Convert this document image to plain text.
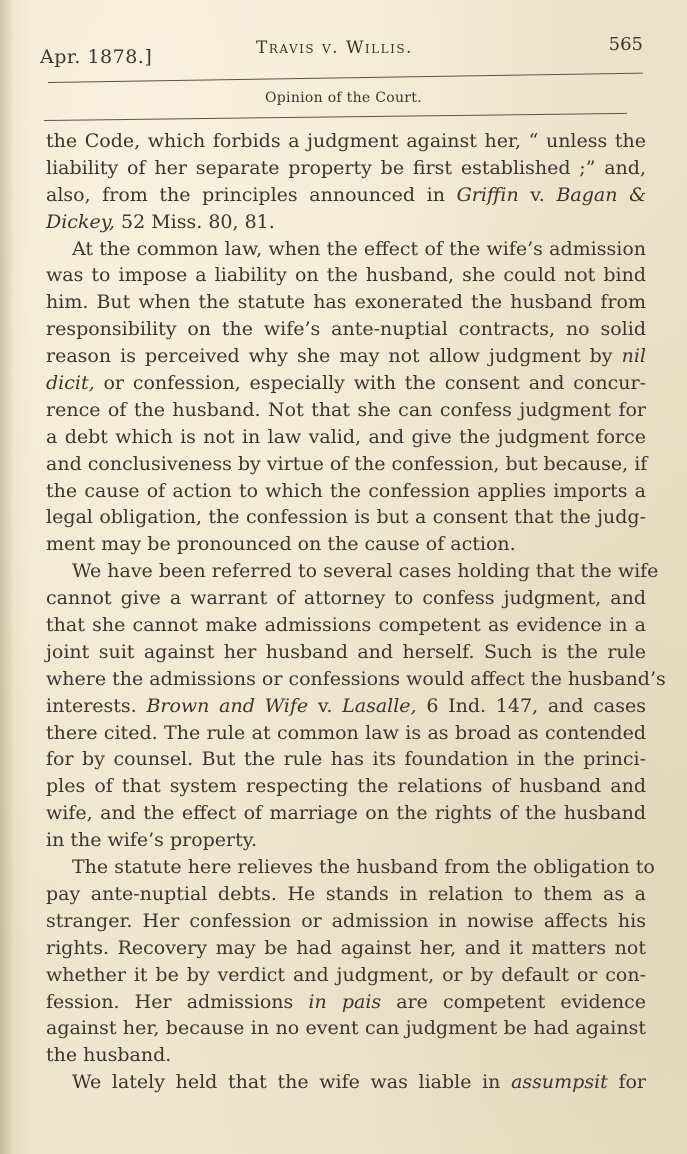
Apr. 1878.]	Travis v. Willis.	565
Opinion of the Court.
the Code, which forbids a judgment against her, “ unless the
liability of her separate property be first established ;” and,
also, from the principles announced in Griffin v. Bagan &
Dickey, 52 Miss. 80, 81.
At the common law, when the effect of the wife’s admission
was to impose a liability on the husband, she could not bind
him. But when the statute has exonerated the husband from
responsibility on the wife’s ante-nuptial contracts, no solid
reason is perceived why she may not allow judgment by nil
dicit, or confession, especially with the consent and concur-
rence of the husband. Not that she can confess judgment for
a debt which is not in law valid, and give the judgment force
and conclusiveness by virtue of the confession, but because, if
the cause of action to which the confession applies imports a
legal obligation, the confession is but a consent that the judg-
ment may be pronounced on the cause of action.
We have been referred to several cases holding that the wife
cannot give a warrant of attorney to confess judgment, and
that she cannot make admissions competent as evidence in a
joint suit against her husband and herself. Such is the rule
where the admissions or confessions would affect the husband’s
interests. Brown and Wife v. Lasalle, 6 Ind. 147, and cases
there cited. The rule at common law is as broad as contended
for by counsel. But the rule has its foundation in the princi-
ples of that system respecting the relations of husband and
wife, and the effect of marriage on the rights of the husband
in the wife’s property.
The statute here relieves the husband from the obligation to
pay ante-nuptial debts. He stands in relation to them as a
stranger. Her confession or admission in nowise affects his
rights. Recovery may be had against her, and it matters not
whether it be by verdict and judgment, or by default or con-
fession. Her admissions in pais are competent evidence
against her, because in no event can judgment be had against
the husband.
We lately held that the wife was liable in assumpsit for
